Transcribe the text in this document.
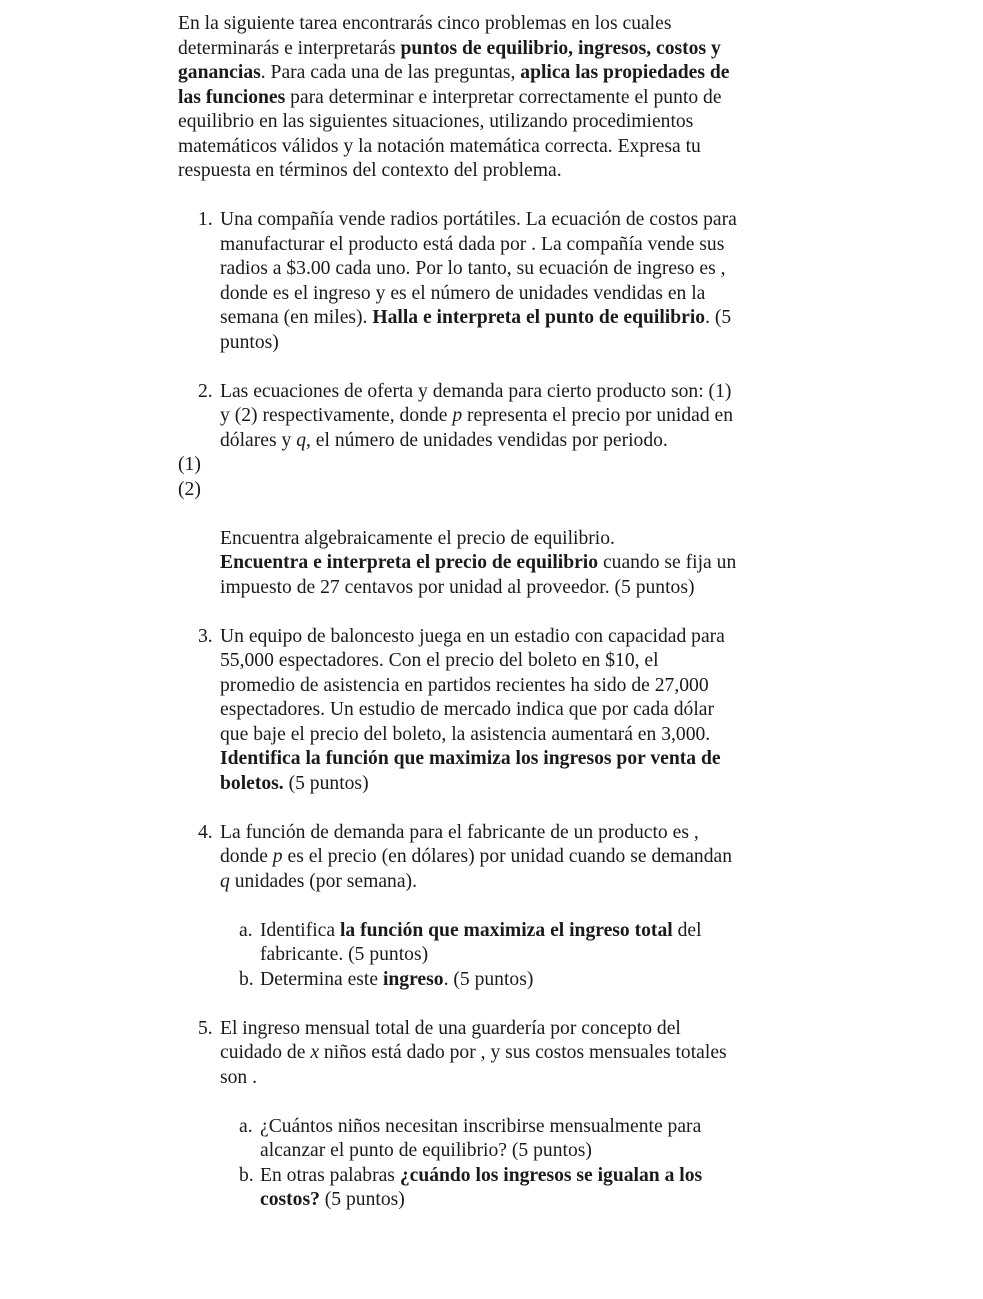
En la siguiente tarea encontrarás cinco problemas en los cuales determinarás e interpretarás puntos de equilibrio, ingresos, costos y ganancias. Para cada una de las preguntas, aplica las propiedades de las funciones para determinar e interpretar correctamente el punto de equilibrio en las siguientes situaciones, utilizando procedimientos matemáticos válidos y la notación matemática correcta. Expresa tu respuesta en términos del contexto del problema.

1. Una compañía vende radios portátiles. La ecuación de costos para manufacturar el producto está dada por . La compañía vende sus radios a $3.00 cada uno. Por lo tanto, su ecuación de ingreso es , donde es el ingreso y es el número de unidades vendidas en la semana (en miles). Halla e interpreta el punto de equilibrio. (5 puntos)

2. Las ecuaciones de oferta y demanda para cierto producto son: (1) y (2) respectivamente, donde p representa el precio por unidad en dólares y q, el número de unidades vendidas por periodo.

(1)

(2)

Encuentra algebraicamente el precio de equilibrio.

Encuentra e interpreta el precio de equilibrio cuando se fija un impuesto de 27 centavos por unidad al proveedor. (5 puntos)

3. Un equipo de baloncesto juega en un estadio con capacidad para 55,000 espectadores. Con el precio del boleto en $10, el promedio de asistencia en partidos recientes ha sido de 27,000 espectadores. Un estudio de mercado indica que por cada dólar que baje el precio del boleto, la asistencia aumentará en 3,000. Identifica la función que maximiza los ingresos por venta de boletos. (5 puntos)

4. La función de demanda para el fabricante de un producto es , donde p es el precio (en dólares) por unidad cuando se demandan q unidades (por semana).

a. Identifica la función que maximiza el ingreso total del fabricante. (5 puntos)

b. Determina este ingreso. (5 puntos)

5. El ingreso mensual total de una guardería por concepto del cuidado de x niños está dado por , y sus costos mensuales totales son .

a. ¿Cuántos niños necesitan inscribirse mensualmente para alcanzar el punto de equilibrio? (5 puntos)

b. En otras palabras ¿cuándo los ingresos se igualan a los costos? (5 puntos)
